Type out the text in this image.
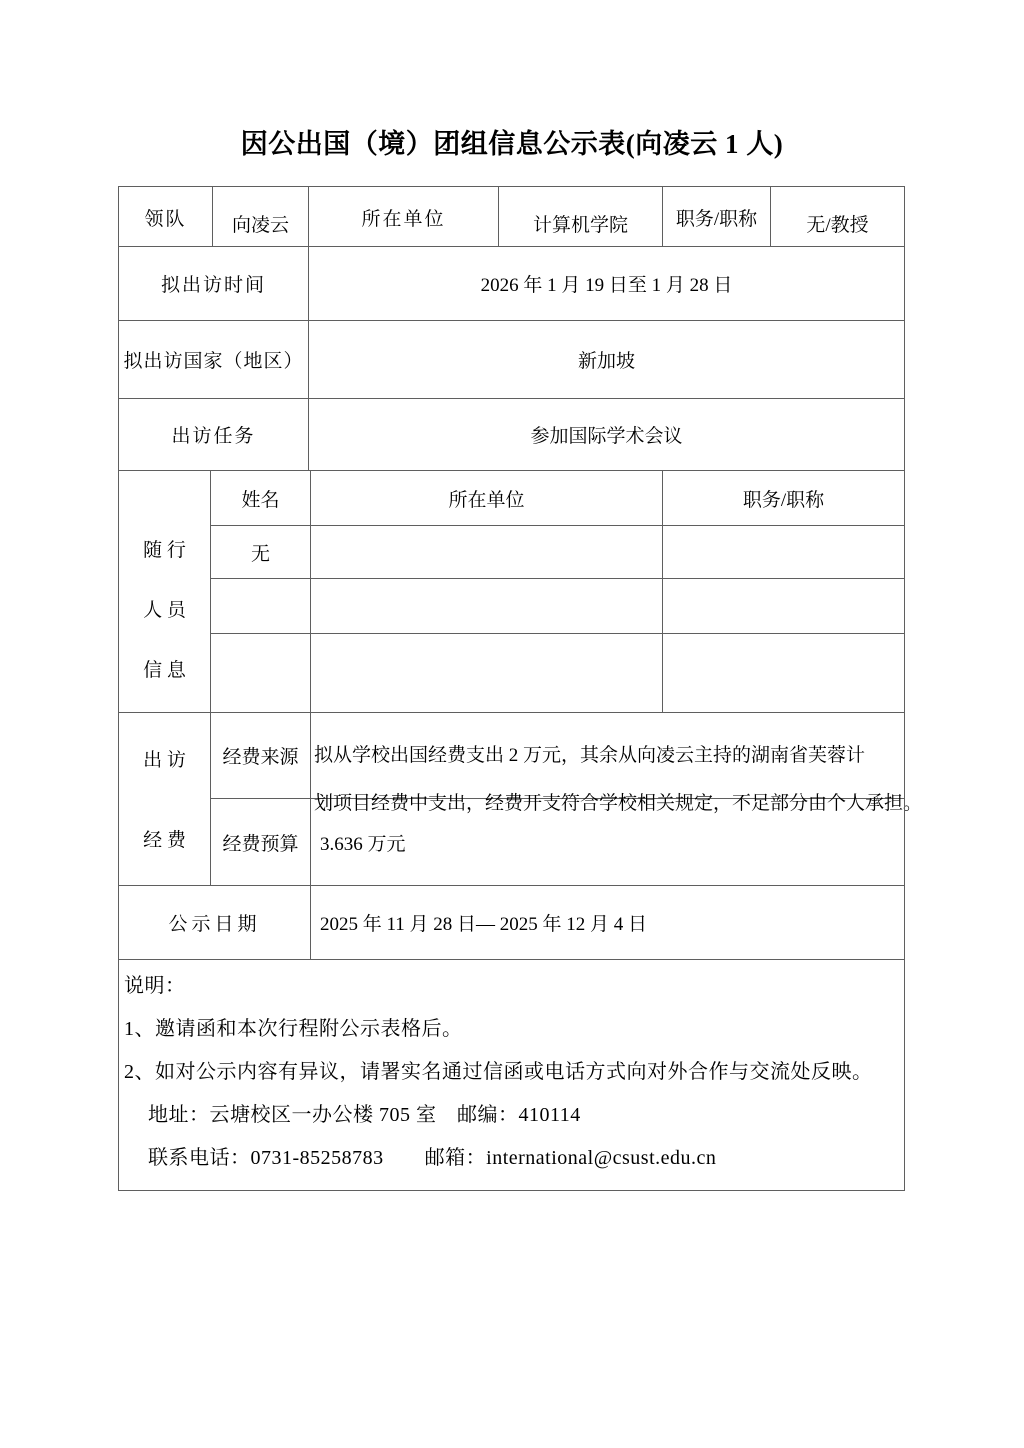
因公出国（境）团组信息公示表(向凌云 1 人)
领队	向凌云	所在单位	计算机学院	职务/职称	无/教授
拟出访时间	2026 年 1 月 19 日至 1 月 28 日
拟出访国家（地区）	新加坡
出访任务	参加国际学术会议
随 行
人 员
信 息
姓名	所在单位	职务/职称
无
出 访
经 费
经费来源 拟从学校出国经费支出 2 万元，其余从向凌云主持的湖南省芙蓉计
划项目经费中支出，经费开支符合学校相关规定，不足部分由个人承担。
经费预算	3.636 万元
公示日期	2025 年 11 月 28 日— 2025 年 12 月 4 日
说明：
1、邀请函和本次行程附公示表格后。
2、如对公示内容有异议，请署实名通过信函或电话方式向对外合作与交流处反映。
地址：云塘校区一办公楼 705 室　邮编：410114
联系电话：0731-85258783　　邮箱：international@csust.edu.cn
